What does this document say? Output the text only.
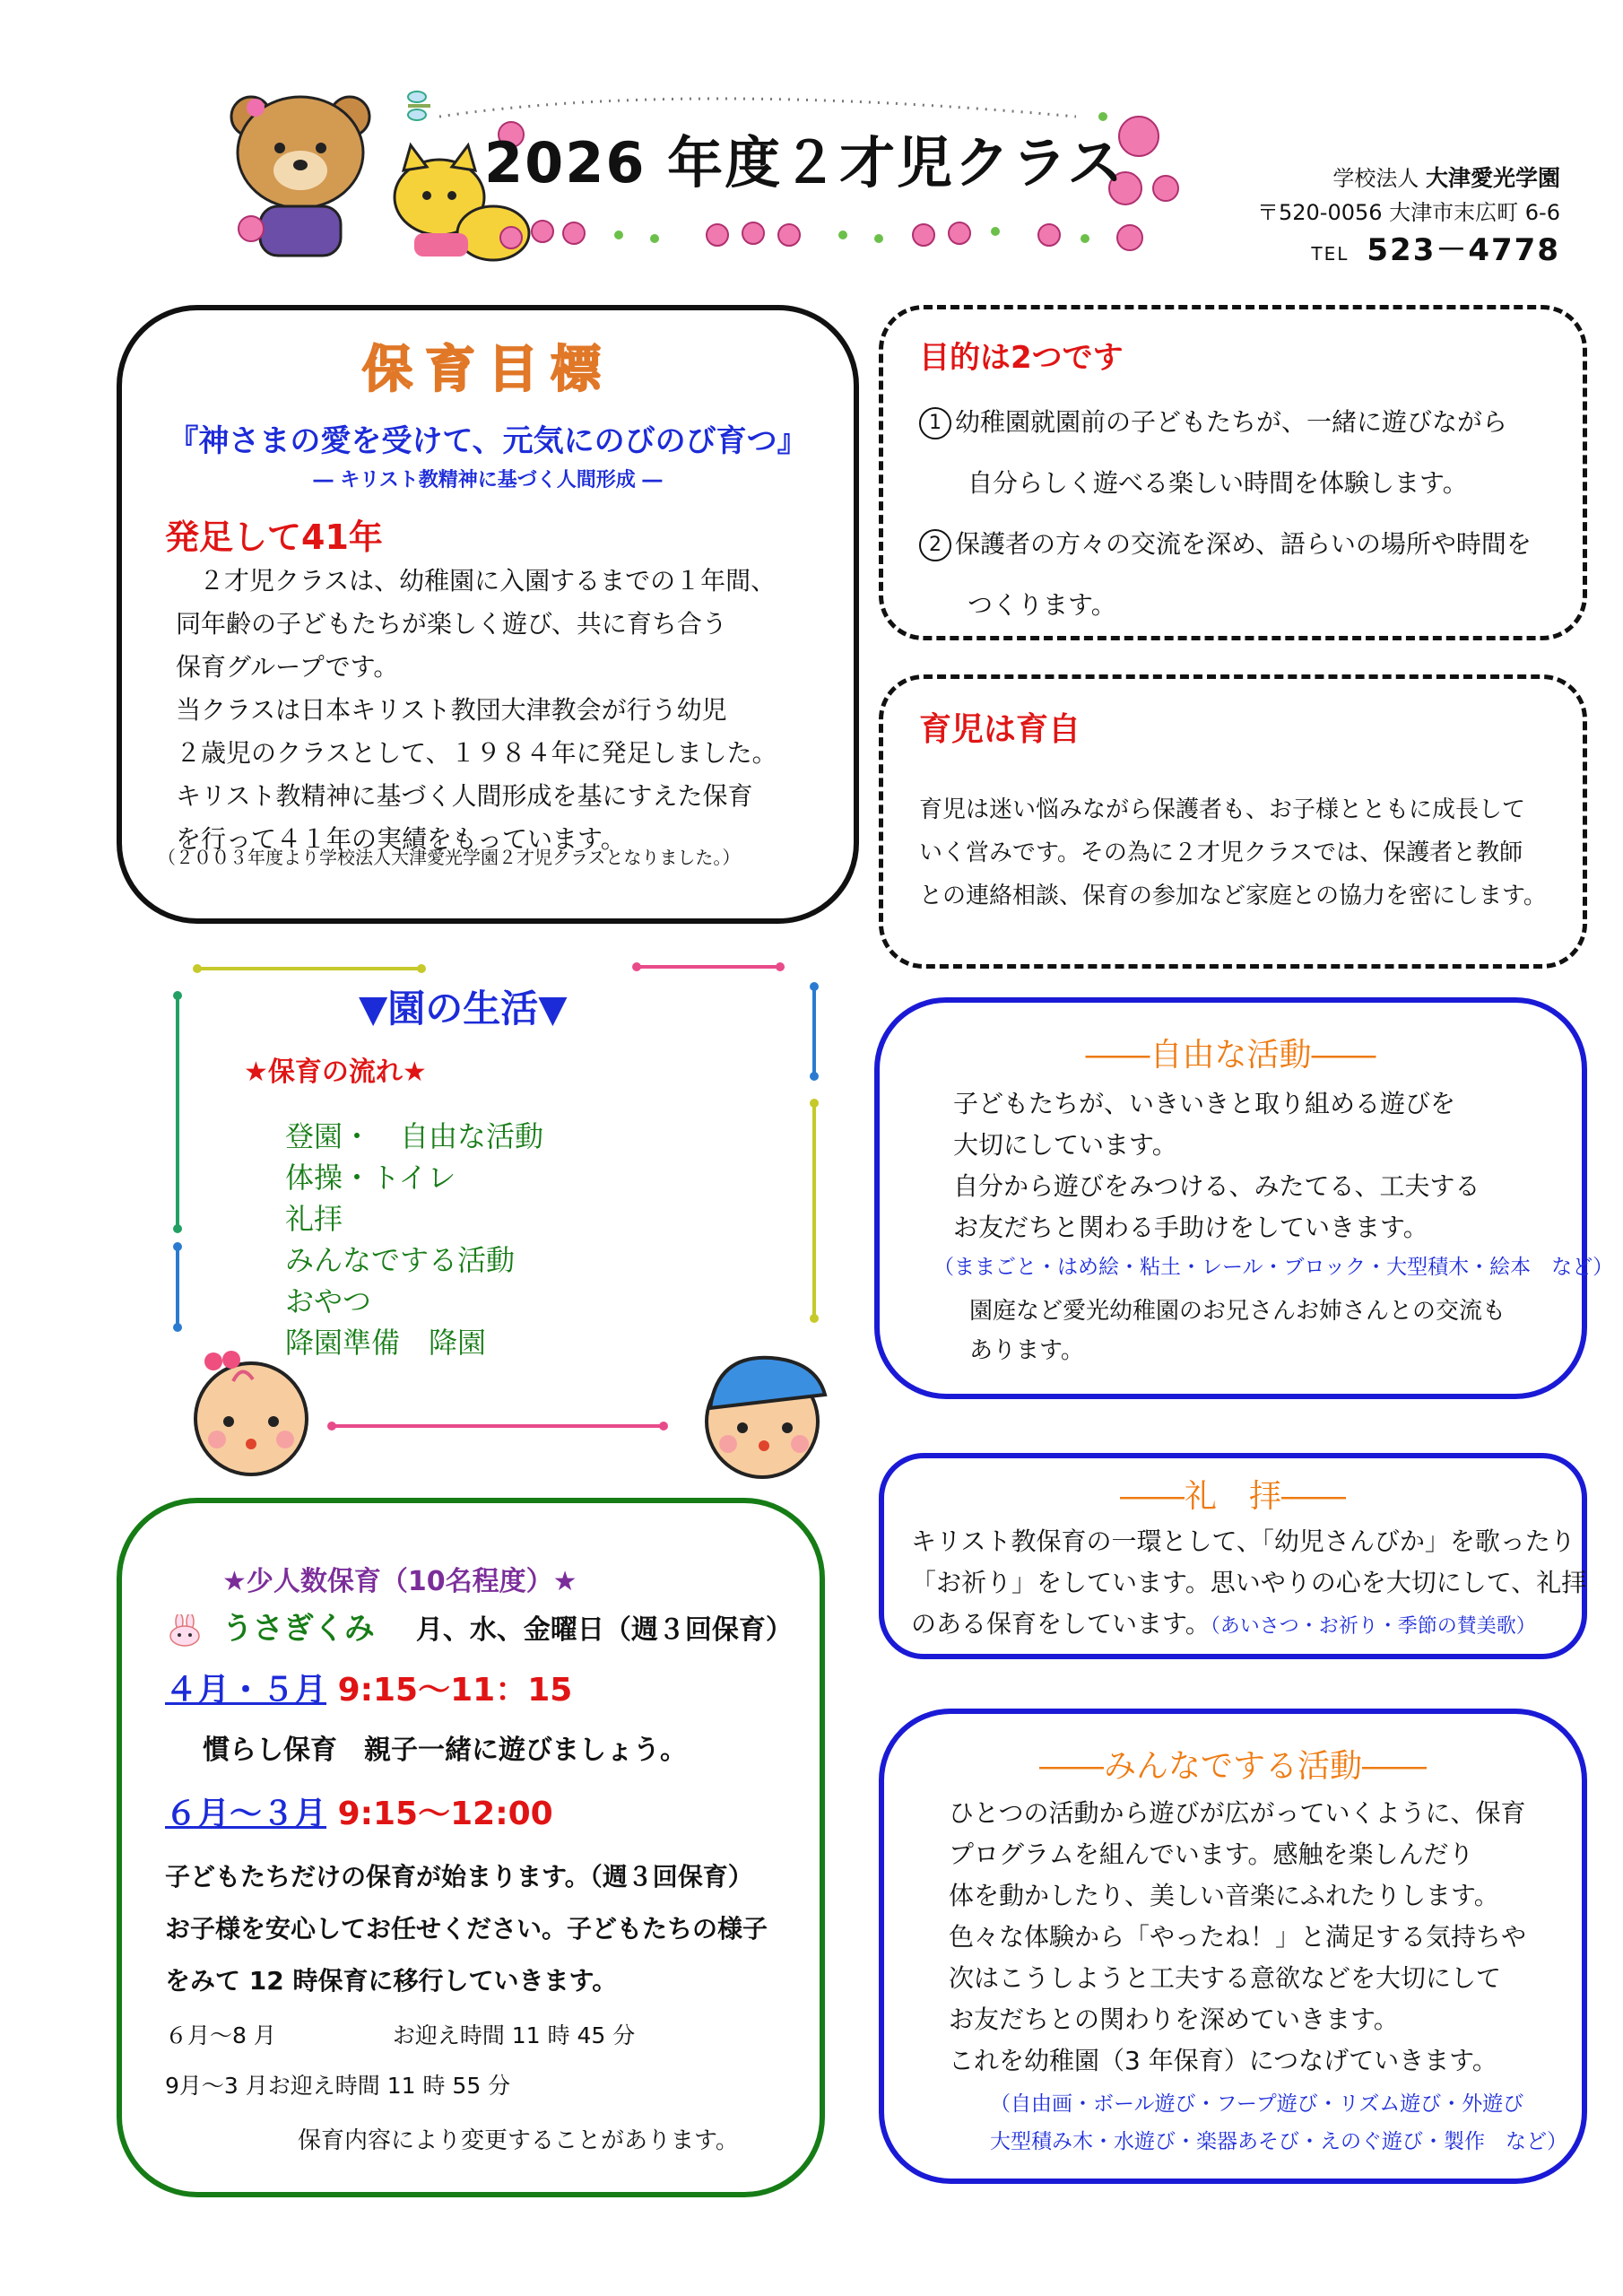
2026 年度２才児クラス	学校法人 大津愛光学園
〒520-0056 大津市末広町 6-6
TEL 523－4778
保育目標
『神さまの愛を受けて、元気にのびのび育つ』
― キリスト教精神に基づく人間形成 ―
発足して41年
２才児クラスは、幼稚園に入園するまでの１年間、
同年齢の子どもたちが楽しく遊び、共に育ち合う
保育グループです。
当クラスは日本キリスト教団大津教会が行う幼児
２歳児のクラスとして、１９８４年に発足しました。
キリスト教精神に基づく人間形成を基にすえた保育
を行って４１年の実績をもっています。
（２００３年度より学校法人大津愛光学園２才児クラスとなりました。）
目的は2つです
1 幼稚園就園前の子どもたちが、一緒に遊びながら
自分らしく遊べる楽しい時間を体験します。
2 保護者の方々の交流を深め、語らいの場所や時間を
つくります。
育児は育自
育児は迷い悩みながら保護者も、お子様とともに成長して
いく営みです。その為に２才児クラスでは、保護者と教師
との連絡相談、保育の参加など家庭との協力を密にします。
▼園の生活▼
★保育の流れ★
登園・　自由な活動
体操・トイレ
礼拝
みんなでする活動
おやつ
降園準備　降園
――自由な活動――
子どもたちが、いきいきと取り組める遊びを
大切にしています。
自分から遊びをみつける、みたてる、工夫する
お友だちと関わる手助けをしていきます。
（ままごと・はめ絵・粘土・レール・ブロック・大型積木・絵本　など）
園庭など愛光幼稚園のお兄さんお姉さんとの交流も
あります。
――礼　拝――
キリスト教保育の一環として、「幼児さんびか」を歌ったり
「お祈り」をしています。思いやりの心を大切にして、礼拝
のある保育をしています。（あいさつ・お祈り・季節の賛美歌）
――みんなでする活動――
ひとつの活動から遊びが広がっていくように、保育
プログラムを組んでいます。感触を楽しんだり
体を動かしたり、美しい音楽にふれたりします。
色々な体験から「やったね！」と満足する気持ちや
次はこうしようと工夫する意欲などを大切にして
お友だちとの関わりを深めていきます。
これを幼稚園（3 年保育）につなげていきます。
（自由画・ボール遊び・フープ遊び・リズム遊び・外遊び
大型積み木・水遊び・楽器あそび・えのぐ遊び・製作　など）
★少人数保育（10名程度）★
うさぎくみ 月、水、金曜日（週３回保育）
４月・５月 9:15～11：15
慣らし保育　親子一緒に遊びましょう。
６月～３月 9:15～12:00
子どもたちだけの保育が始まります。（週３回保育）
お子様を安心してお任せください。子どもたちの様子
をみて 12 時保育に移行していきます。
６月～8 月	お迎え時間 11 時 45 分
9月～3 月お迎え時間 11 時 55 分
保育内容により変更することがあります。
